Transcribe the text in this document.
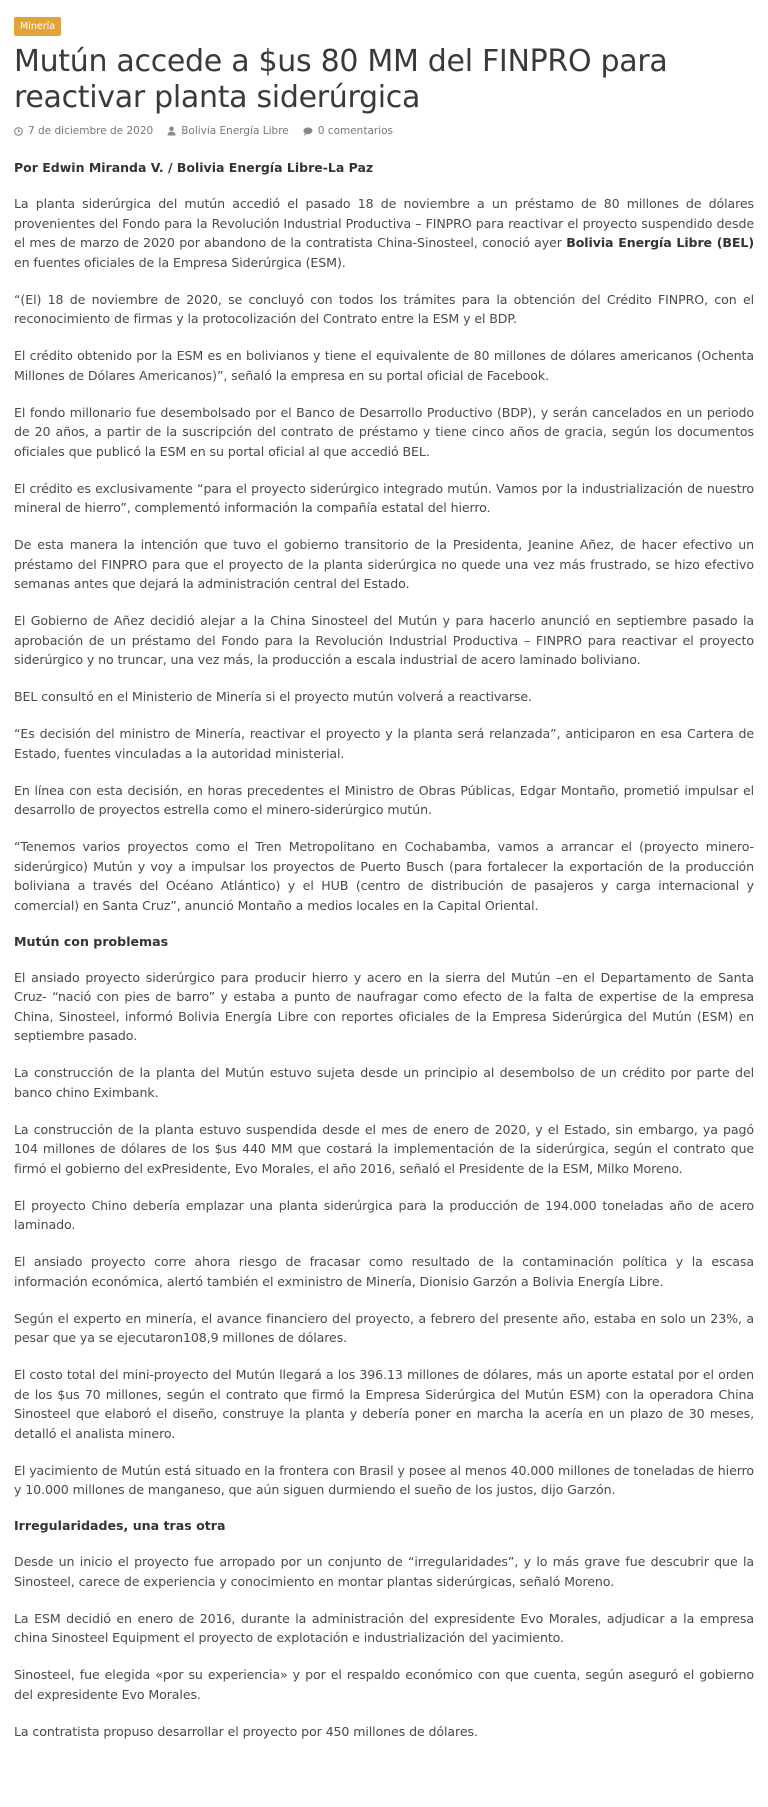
Minería
Mutún accede a $us 80 MM del FINPRO para reactivar planta siderúrgica
7 de diciembre de 2020	Bolivia Energía Libre	0 comentarios
Por Edwin Miranda V. / Bolivia Energía Libre-La Paz

La planta siderúrgica del mutún accedió el pasado 18 de noviembre a un préstamo de 80 millones de dólares provenientes del Fondo para la Revolución Industrial Productiva – FINPRO para reactivar el proyecto suspendido desde el mes de marzo de 2020 por abandono de la contratista China-Sinosteel, conoció ayer Bolivia Energía Libre (BEL) en fuentes oficiales de la Empresa Siderúrgica (ESM).

“(El) 18 de noviembre de 2020, se concluyó con todos los trámites para la obtención del Crédito FINPRO, con el reconocimiento de firmas y la protocolización del Contrato entre la ESM y el BDP.

El crédito obtenido por la ESM es en bolivianos y tiene el equivalente de 80 millones de dólares americanos (Ochenta Millones de Dólares Americanos)”, señaló la empresa en su portal oficial de Facebook.

El fondo millonario fue desembolsado por el Banco de Desarrollo Productivo (BDP), y serán cancelados en un periodo de 20 años, a partir de la suscripción del contrato de préstamo y tiene cinco años de gracia, según los documentos oficiales que publicó la ESM en su portal oficial al que accedió BEL.

El crédito es exclusivamente “para el proyecto siderúrgico integrado mutún. Vamos por la industrialización de nuestro mineral de hierro”, complementó información la compañía estatal del hierro.

De esta manera la intención que tuvo el gobierno transitorio de la Presidenta, Jeanine Añez, de hacer efectivo un préstamo del FINPRO para que el proyecto de la planta siderúrgica no quede una vez más frustrado, se hizo efectivo semanas antes que dejará la administración central del Estado.

El Gobierno de Añez decidió alejar a la China Sinosteel del Mutún y para hacerlo anunció en septiembre pasado la aprobación de un préstamo del Fondo para la Revolución Industrial Productiva – FINPRO para reactivar el proyecto siderúrgico y no truncar, una vez más, la producción a escala industrial de acero laminado boliviano.

BEL consultó en el Ministerio de Minería si el proyecto mutún volverá a reactivarse.

“Es decisión del ministro de Minería, reactivar el proyecto y la planta será relanzada”, anticiparon en esa Cartera de Estado, fuentes vinculadas a la autoridad ministerial.

En línea con esta decisión, en horas precedentes el Ministro de Obras Públicas, Edgar Montaño, prometió impulsar el desarrollo de proyectos estrella como el minero-siderúrgico mutún.

“Tenemos varios proyectos como el Tren Metropolitano en Cochabamba, vamos a arrancar el (proyecto minero-siderúrgico) Mutún y voy a impulsar los proyectos de Puerto Busch (para fortalecer la exportación de la producción boliviana a través del Océano Atlántico) y el HUB (centro de distribución de pasajeros y carga internacional y comercial) en Santa Cruz”, anunció Montaño a medios locales en la Capital Oriental.

Mutún con problemas

El ansiado proyecto siderúrgico para producir hierro y acero en la sierra del Mutún –en el Departamento de Santa Cruz- “nació con pies de barro” y estaba a punto de naufragar como efecto de la falta de expertise de la empresa China, Sinosteel, informó Bolivia Energía Libre con reportes oficiales de la Empresa Siderúrgica del Mutún (ESM) en septiembre pasado.

La construcción de la planta del Mutún estuvo sujeta desde un principio al desembolso de un crédito por parte del banco chino Eximbank.

La construcción de la planta estuvo suspendida desde el mes de enero de 2020, y el Estado, sin embargo, ya pagó 104 millones de dólares de los $us 440 MM que costará la implementación de la siderúrgica, según el contrato que firmó el gobierno del exPresidente, Evo Morales, el año 2016, señaló el Presidente de la ESM, Milko Moreno.

El proyecto Chino debería emplazar una planta siderúrgica para la producción de 194.000 toneladas año de acero laminado.

El ansiado proyecto corre ahora riesgo de fracasar como resultado de la contaminación política y la escasa información económica, alertó también el exministro de Minería, Dionisio Garzón a Bolivia Energía Libre.

Según el experto en minería, el avance financiero del proyecto, a febrero del presente año, estaba en solo un 23%, a pesar que ya se ejecutaron108,9 millones de dólares.

El costo total del mini-proyecto del Mutún llegará a los 396.13 millones de dólares, más un aporte estatal por el orden de los $us 70 millones, según el contrato que firmó la Empresa Siderúrgica del Mutún ESM) con la operadora China Sinosteel que elaboró el diseño, construye la planta y debería poner en marcha la acería en un plazo de 30 meses, detalló el analista minero.

El yacimiento de Mutún está situado en la frontera con Brasil y posee al menos 40.000 millones de toneladas de hierro y 10.000 millones de manganeso, que aún siguen durmiendo el sueño de los justos, dijo Garzón.

Irregularidades, una tras otra

Desde un inicio el proyecto fue arropado por un conjunto de “irregularidades”, y lo más grave fue descubrir que la Sinosteel, carece de experiencia y conocimiento en montar plantas siderúrgicas, señaló Moreno.

La ESM decidió en enero de 2016, durante la administración del expresidente Evo Morales, adjudicar a la empresa china Sinosteel Equipment el proyecto de explotación e industrialización del yacimiento.

Sinosteel, fue elegida «por su experiencia» y por el respaldo económico con que cuenta, según aseguró el gobierno del expresidente Evo Morales.

La contratista propuso desarrollar el proyecto por 450 millones de dólares.
